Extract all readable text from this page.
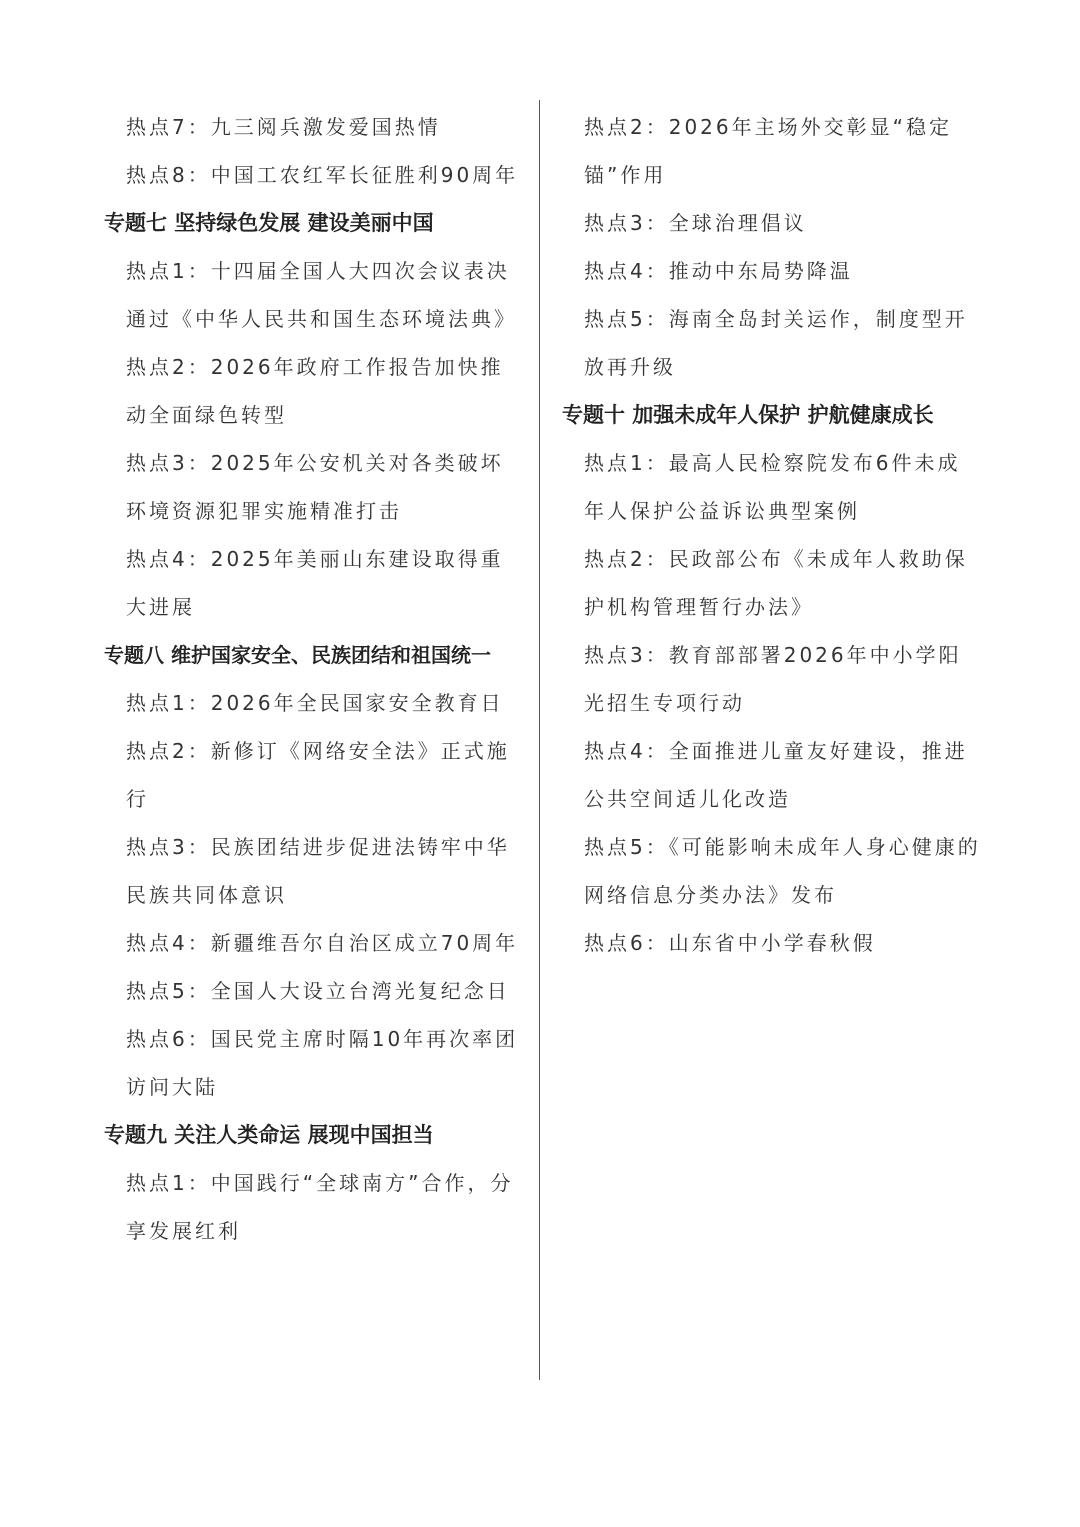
热点7：九三阅兵激发爱国热情

热点8：中国工农红军长征胜利90周年

专题七 坚持绿色发展 建设美丽中国

热点1：十四届全国人大四次会议表决通过《中华人民共和国生态环境法典》

热点2：2026年政府工作报告加快推动全面绿色转型

热点3：2025年公安机关对各类破坏环境资源犯罪实施精准打击

热点4：2025年美丽山东建设取得重大进展

专题八 维护国家安全、民族团结和祖国统一

热点1：2026年全民国家安全教育日

热点2：新修订《网络安全法》正式施行

热点3：民族团结进步促进法铸牢中华民族共同体意识

热点4：新疆维吾尔自治区成立70周年

热点5：全国人大设立台湾光复纪念日

热点6：国民党主席时隔10年再次率团访问大陆

专题九 关注人类命运 展现中国担当

热点1：中国践行“全球南方”合作，分享发展红利

热点2：2026年主场外交彰显“稳定锚”作用

热点3：全球治理倡议

热点4：推动中东局势降温

热点5：海南全岛封关运作，制度型开放再升级

专题十 加强未成年人保护 护航健康成长

热点1：最高人民检察院发布6件未成年人保护公益诉讼典型案例

热点2：民政部公布《未成年人救助保护机构管理暂行办法》

热点3：教育部部署2026年中小学阳光招生专项行动

热点4：全面推进儿童友好建设，推进公共空间适儿化改造

热点5：《可能影响未成年人身心健康的网络信息分类办法》发布

热点6：山东省中小学春秋假
